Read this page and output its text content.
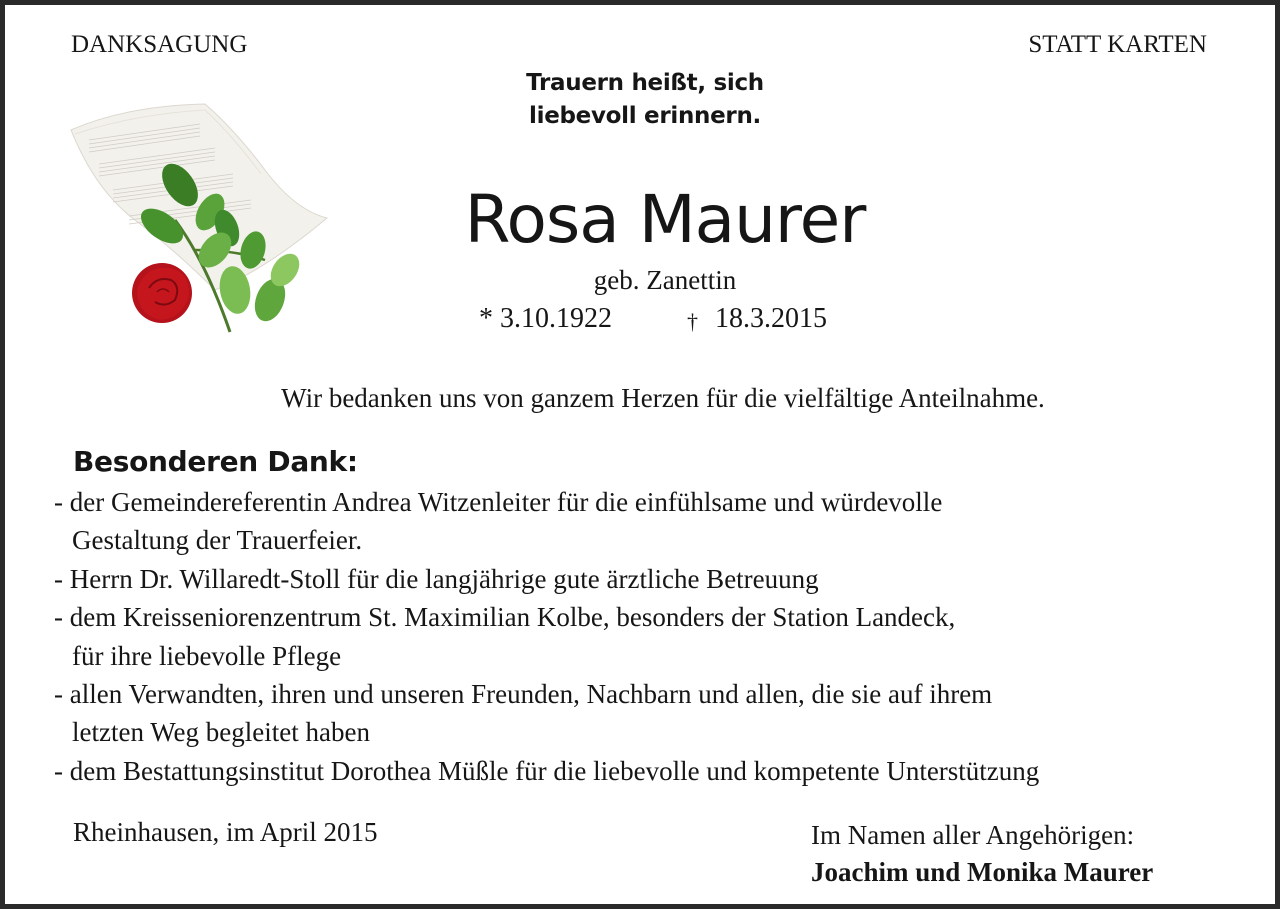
DANKSAGUNG	STATT KARTEN
Trauern heißt, sich
liebevoll erinnern.
Rosa Maurer
geb. Zanettin
* 3.10.1922	† 18.3.2015
Wir bedanken uns von ganzem Herzen für die vielfältige Anteilnahme.
Besonderen Dank:
- der Gemeindereferentin Andrea Witzenleiter für die einfühlsame und würdevolle
Gestaltung der Trauerfeier.
- Herrn Dr. Willaredt-Stoll für die langjährige gute ärztliche Betreuung
- dem Kreisseniorenzentrum St. Maximilian Kolbe, besonders der Station Landeck,
für ihre liebevolle Pflege
- allen Verwandten, ihren und unseren Freunden, Nachbarn und allen, die sie auf ihrem
letzten Weg begleitet haben
- dem Bestattungsinstitut Dorothea Müßle für die liebevolle und kompetente Unterstützung
Rheinhausen, im April 2015	Im Namen aller Angehörigen:
Joachim und Monika Maurer
